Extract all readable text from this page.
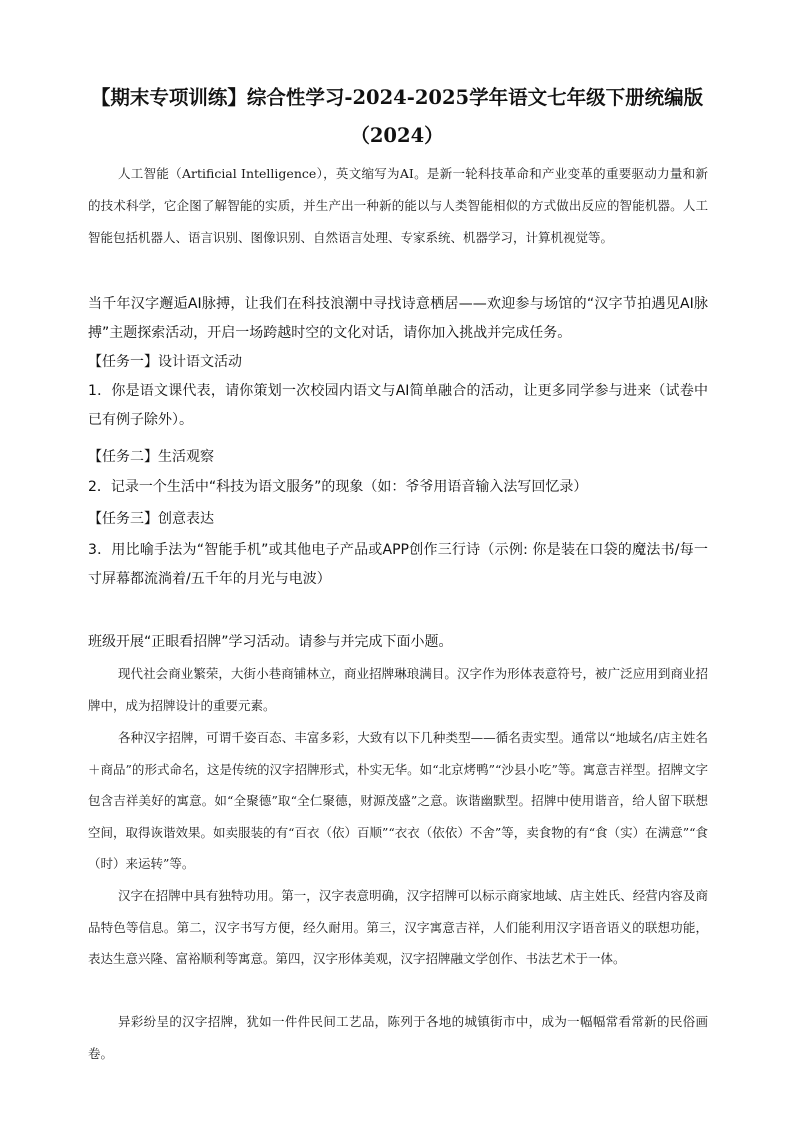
【期末专项训练】综合性学习-2024-2025学年语文七年级下册统编版
（2024）

人工智能（Artificial Intelligence），英文缩写为AI。是新一轮科技革命和产业变革的重要驱动力量和新的技术科学，它企图了解智能的实质，并生产出一种新的能以与人类智能相似的方式做出反应的智能机器。人工智能包括机器人、语言识别、图像识别、自然语言处理、专家系统、机器学习，计算机视觉等。

当千年汉字邂逅AI脉搏，让我们在科技浪潮中寻找诗意栖居——欢迎参与场馆的“汉字节拍遇见AI脉搏”主题探索活动，开启一场跨越时空的文化对话，请你加入挑战并完成任务。

【任务一】设计语文活动

1．你是语文课代表，请你策划一次校园内语文与AI简单融合的活动，让更多同学参与进来（试卷中已有例子除外）。

【任务二】生活观察

2．记录一个生活中“科技为语文服务”的现象（如：爷爷用语音输入法写回忆录）

【任务三】创意表达

3．用比喻手法为“智能手机”或其他电子产品或APP创作三行诗（示例: 你是装在口袋的魔法书/每一寸屏幕都流淌着/五千年的月光与电波）

班级开展“正眼看招牌”学习活动。请参与并完成下面小题。

现代社会商业繁荣，大街小巷商铺林立，商业招牌琳琅满目。汉字作为形体表意符号，被广泛应用到商业招牌中，成为招牌设计的重要元素。

各种汉字招牌，可谓千姿百态、丰富多彩，大致有以下几种类型——循名责实型。通常以“地域名/店主姓名＋商品”的形式命名，这是传统的汉字招牌形式，朴实无华。如“北京烤鸭”“沙县小吃”等。寓意吉祥型。招牌文字包含吉祥美好的寓意。如“全聚德”取“全仁聚德，财源茂盛”之意。诙谐幽默型。招牌中使用谐音，给人留下联想空间，取得诙谐效果。如卖服装的有“百衣（依）百顺”“衣衣（依依）不舍”等，卖食物的有“食（实）在满意”“食（时）来运转”等。

汉字在招牌中具有独特功用。第一，汉字表意明确，汉字招牌可以标示商家地域、店主姓氏、经营内容及商品特色等信息。第二，汉字书写方便，经久耐用。第三，汉字寓意吉祥，人们能利用汉字语音语义的联想功能，表达生意兴隆、富裕顺利等寓意。第四，汉字形体美观，汉字招牌融文学创作、书法艺术于一体。

异彩纷呈的汉字招牌，犹如一件件民间工艺品，陈列于各地的城镇街市中，成为一幅幅常看常新的民俗画卷。
